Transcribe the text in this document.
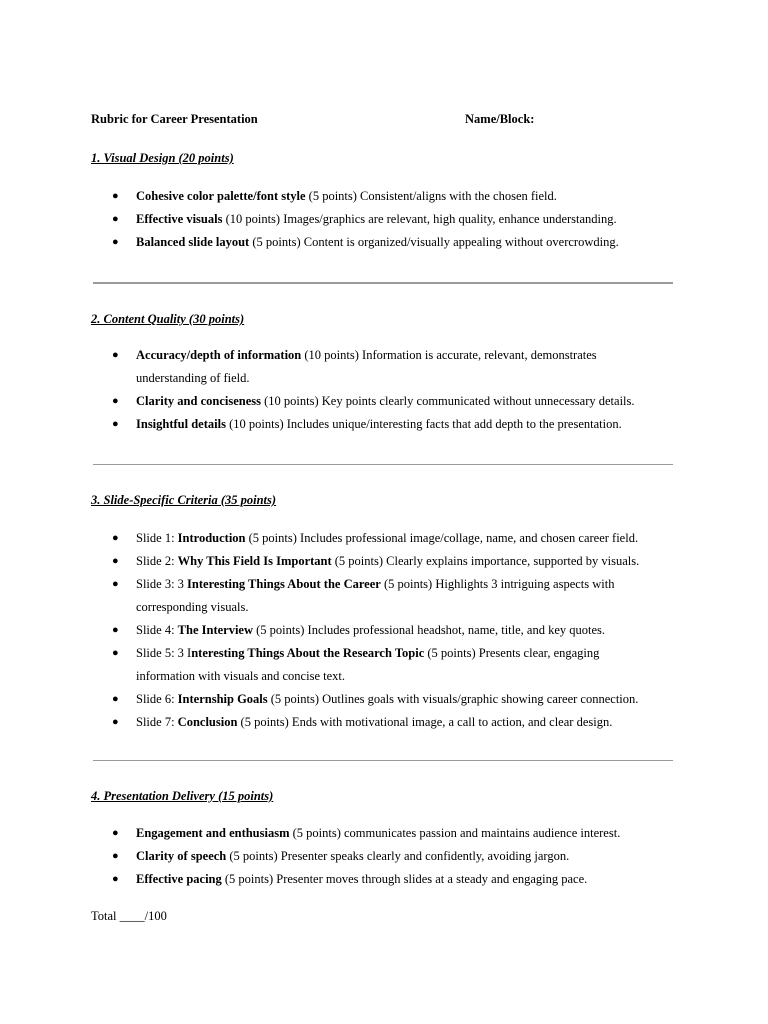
Rubric for Career Presentation	Name/Block:
1. Visual Design (20 points)
● Cohesive color palette/font style (5 points) Consistent/aligns with the chosen field.
● Effective visuals (10 points) Images/graphics are relevant, high quality, enhance understanding.
● Balanced slide layout (5 points) Content is organized/visually appealing without overcrowding.
2. Content Quality (30 points)
● Accuracy/depth of information (10 points) Information is accurate, relevant, demonstrates
understanding of field.
● Clarity and conciseness (10 points) Key points clearly communicated without unnecessary details.
● Insightful details (10 points) Includes unique/interesting facts that add depth to the presentation.
3. Slide-Specific Criteria (35 points)
● Slide 1: Introduction (5 points) Includes professional image/collage, name, and chosen career field.
● Slide 2: Why This Field Is Important (5 points) Clearly explains importance, supported by visuals.
● Slide 3: 3 Interesting Things About the Career (5 points) Highlights 3 intriguing aspects with
corresponding visuals.
● Slide 4: The Interview (5 points) Includes professional headshot, name, title, and key quotes.
● Slide 5: 3 Interesting Things About the Research Topic (5 points) Presents clear, engaging
information with visuals and concise text.
● Slide 6: Internship Goals (5 points) Outlines goals with visuals/graphic showing career connection.
● Slide 7: Conclusion (5 points) Ends with motivational image, a call to action, and clear design.
4. Presentation Delivery (15 points)
● Engagement and enthusiasm (5 points) communicates passion and maintains audience interest.
● Clarity of speech (5 points) Presenter speaks clearly and confidently, avoiding jargon.
● Effective pacing (5 points) Presenter moves through slides at a steady and engaging pace.
Total ____/100
